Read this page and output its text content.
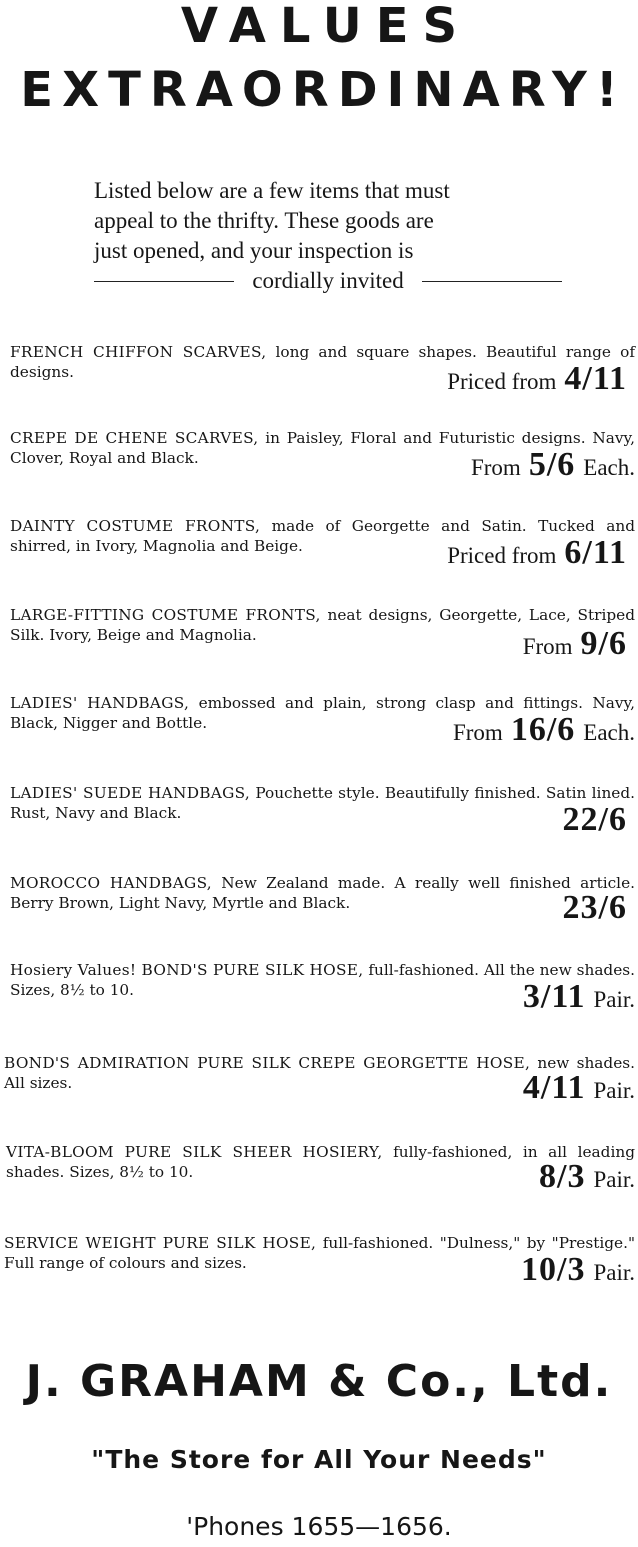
VALUES
EXTRAORDINARY!

Listed below are a few items that must

appeal to the thrifty. These goods are

just opened, and your inspection is

cordially invited

FRENCH CHIFFON SCARVES, long and square shapes. Beautiful range of designs.	Priced from 4/11

CREPE DE CHENE SCARVES, in Paisley, Floral and Futuristic designs. Navy, Clover, Royal and Black.	From 5/6 Each.

DAINTY COSTUME FRONTS, made of Georgette and Satin. Tucked and shirred, in Ivory, Magnolia and Beige.	Priced from 6/11

LARGE-FITTING COSTUME FRONTS, neat designs, Georgette, Lace, Striped Silk. Ivory, Beige and Magnolia.	From 9/6

LADIES' HANDBAGS, embossed and plain, strong clasp and fittings. Navy, Black, Nigger and Bottle.	From 16/6 Each.

LADIES' SUEDE HANDBAGS, Pouchette style. Beautifully finished. Satin lined. Rust, Navy and Black.	22/6

MOROCCO HANDBAGS, New Zealand made. A really well finished article. Berry Brown, Light Navy, Myrtle and Black.	23/6

Hosiery Values! BOND'S PURE SILK HOSE, full-fashioned. All the new shades. Sizes, 8½ to 10.	3/11 Pair.

BOND'S ADMIRATION PURE SILK CREPE GEORGETTE HOSE, new shades. All sizes.	4/11 Pair.

VITA-BLOOM PURE SILK SHEER HOSIERY, fully-fashioned, in all leading shades. Sizes, 8½ to 10.	8/3 Pair.

SERVICE WEIGHT PURE SILK HOSE, full-fashioned. "Dulness," by "Prestige." Full range of colours and sizes.	10/3 Pair.
J. GRAHAM & Co., Ltd.
"The Store for All Your Needs"
'Phones 1655—1656.
